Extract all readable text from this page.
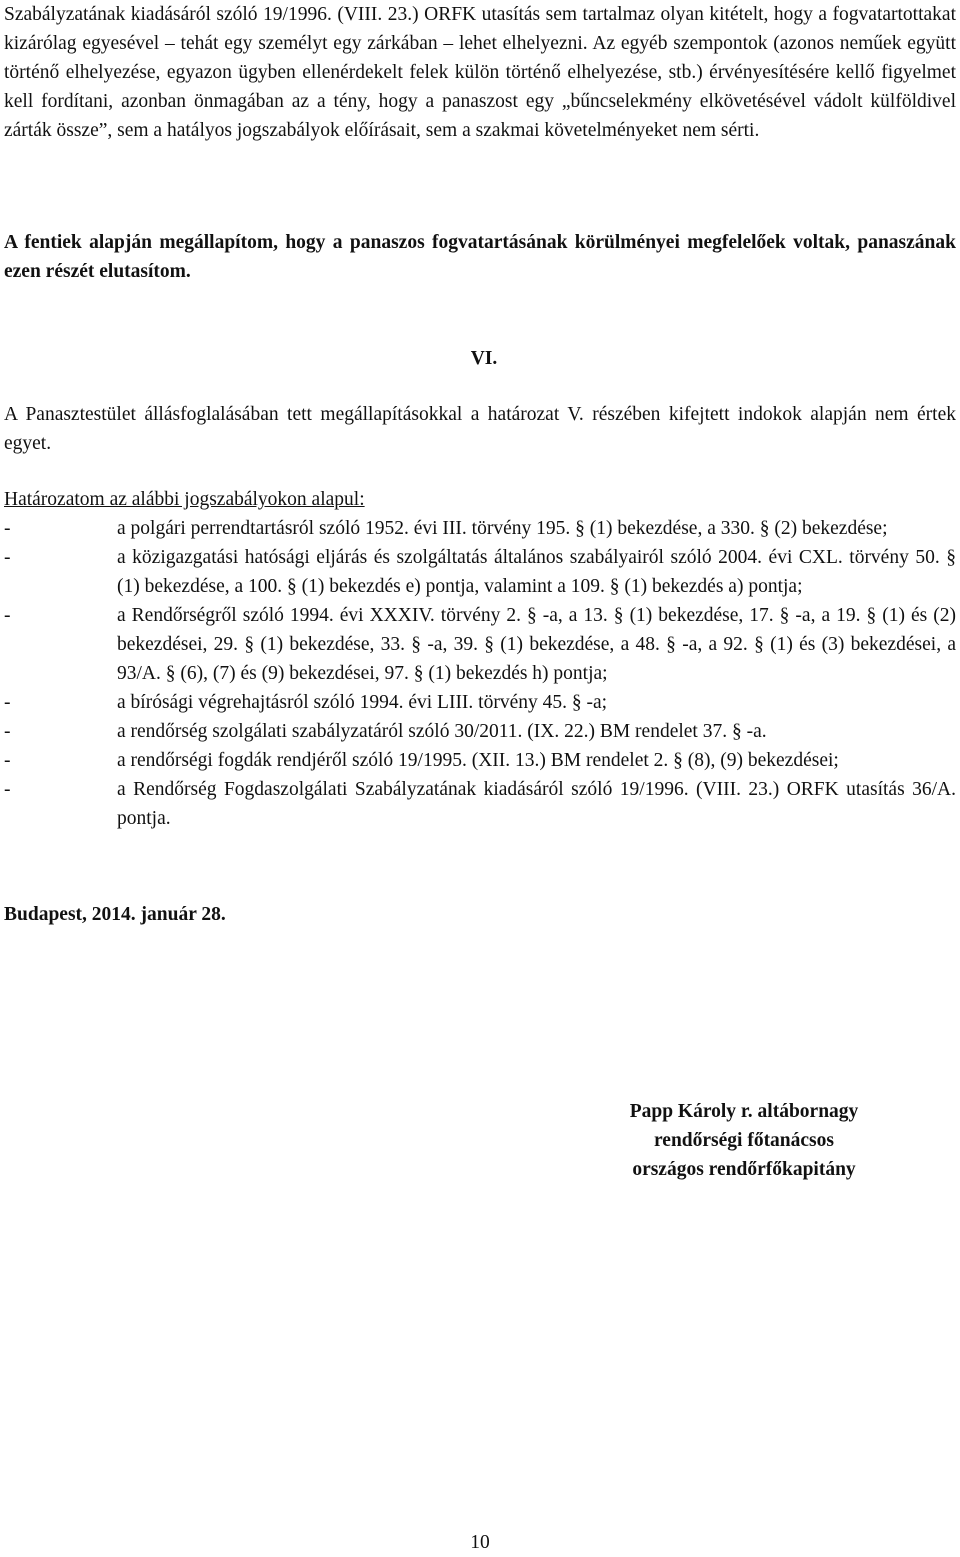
Szabályzatának kiadásáról szóló 19/1996. (VIII. 23.) ORFK utasítás sem tartalmaz olyan kitételt, hogy a fogvatartottakat kizárólag egyesével – tehát egy személyt egy zárkában – lehet elhelyezni. Az egyéb szempontok (azonos neműek együtt történő elhelyezése, egyazon ügyben ellenérdekelt felek külön történő elhelyezése, stb.) érvényesítésére kellő figyelmet kell fordítani, azonban önmagában az a tény, hogy a panaszost egy „bűncselekmény elkövetésével vádolt külföldivel zárták össze”, sem a hatályos jogszabályok előírásait, sem a szakmai követelményeket nem sérti.

A fentiek alapján megállapítom, hogy a panaszos fogvatartásának körülményei megfelelőek voltak, panaszának ezen részét elutasítom.

VI.

A Panasztestület állásfoglalásában tett megállapításokkal a határozat V. részében kifejtett indokok alapján nem értek egyet.

Határozatom az alábbi jogszabályokon alapul:

-	a polgári perrendtartásról szóló 1952. évi III. törvény 195. § (1) bekezdése, a 330. § (2) bekezdése;
-	a közigazgatási hatósági eljárás és szolgáltatás általános szabályairól szóló 2004. évi CXL. törvény 50. § (1) bekezdése, a 100. § (1) bekezdés e) pontja, valamint a 109. § (1) bekezdés a) pontja;
-	a Rendőrségről szóló 1994. évi XXXIV. törvény 2. § -a, a 13. § (1) bekezdése, 17. § -a, a 19. § (1) és (2) bekezdései, 29. § (1) bekezdése, 33. § -a, 39. § (1) bekezdése, a 48. § -a, a 92. § (1) és (3) bekezdései, a 93/A. § (6), (7) és (9) bekezdései, 97. § (1) bekezdés h) pontja;
-	a bírósági végrehajtásról szóló 1994. évi LIII. törvény 45. § -a;
-	a rendőrség szolgálati szabályzatáról szóló 30/2011. (IX. 22.) BM rendelet 37. § -a.
-	a rendőrségi fogdák rendjéről szóló 19/1995. (XII. 13.) BM rendelet 2. § (8), (9) bekezdései;
-	a Rendőrség Fogdaszolgálati Szabályzatának kiadásáról szóló 19/1996. (VIII. 23.) ORFK utasítás 36/A. pontja.
Budapest, 2014. január 28.
Papp Károly r. altábornagy
rendőrségi főtanácsos
országos rendőrfőkapitány
10
